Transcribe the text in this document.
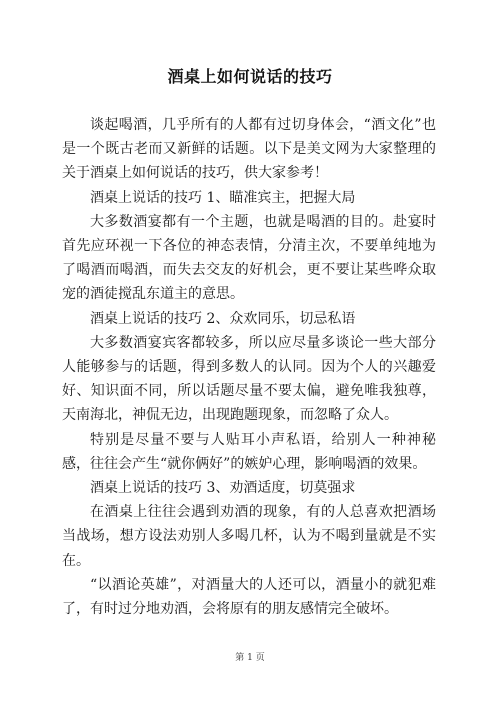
酒桌上如何说话的技巧

谈起喝酒，几乎所有的人都有过切身体会，“酒文化”也是一个既古老而又新鲜的话题。以下是美文网为大家整理的关于酒桌上如何说话的技巧，供大家参考！

酒桌上说话的技巧 1、瞄准宾主，把握大局

大多数酒宴都有一个主题，也就是喝酒的目的。赴宴时首先应环视一下各位的神态表情，分清主次，不要单纯地为了喝酒而喝酒，而失去交友的好机会，更不要让某些哗众取宠的酒徒搅乱东道主的意思。

酒桌上说话的技巧 2、众欢同乐，切忌私语

大多数酒宴宾客都较多，所以应尽量多谈论一些大部分人能够参与的话题，得到多数人的认同。因为个人的兴趣爱好、知识面不同，所以话题尽量不要太偏，避免唯我独尊，天南海北，神侃无边，出现跑题现象，而忽略了众人。

特别是尽量不要与人贴耳小声私语，给别人一种神秘感，往往会产生“就你俩好”的嫉妒心理，影响喝酒的效果。

酒桌上说话的技巧 3、劝酒适度，切莫强求

在酒桌上往往会遇到劝酒的现象，有的人总喜欢把酒场当战场，想方设法劝别人多喝几杯，认为不喝到量就是不实在。

“以酒论英雄”，对酒量大的人还可以，酒量小的就犯难了，有时过分地劝酒，会将原有的朋友感情完全破坏。

第 1 页
